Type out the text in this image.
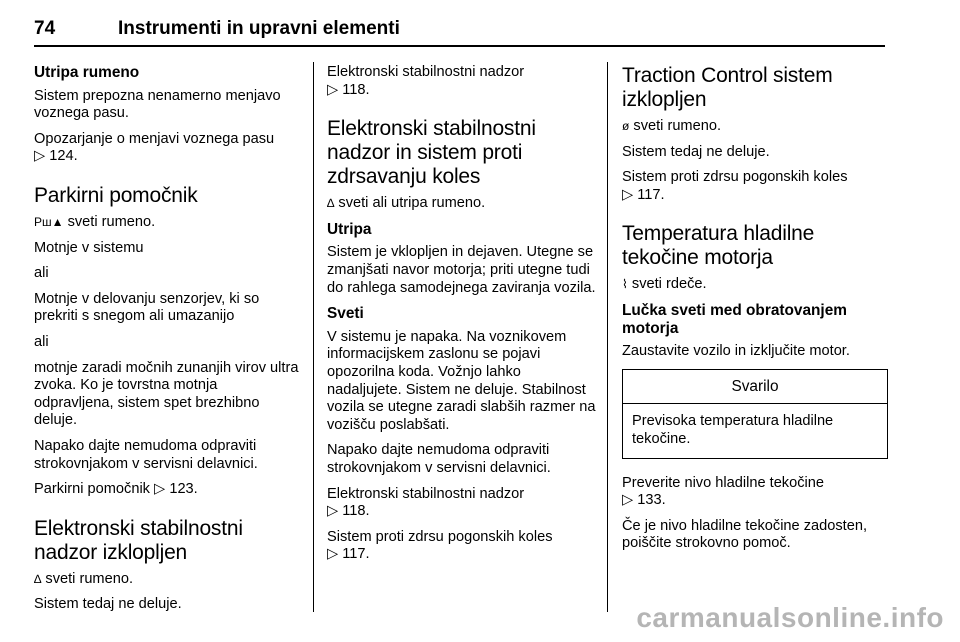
74	Instrumenti in upravni elementi
Utripa rumeno

Sistem prepozna nenamerno menjavo voznega pasu.

Opozarjanje o menjavi voznega pasu
▷ 124.

Parkirni pomočnik

Pш▲ sveti rumeno.

Motnje v sistemu

ali

Motnje v delovanju senzorjev, ki so prekriti s snegom ali umazanijo

ali

motnje zaradi močnih zunanjih virov ultra zvoka. Ko je tovrstna motnja odpravljena, sistem spet brezhibno deluje.

Napako dajte nemudoma odpraviti strokovnjakom v servisni delavnici.

Parkirni pomočnik ▷ 123.

Elektronski stabilnostni nadzor izklopljen

∆ sveti rumeno.

Sistem tedaj ne deluje.

Elektronski stabilnostni nadzor
▷ 118.

Elektronski stabilnostni nadzor in sistem proti zdrsavanju koles

∆ sveti ali utripa rumeno.

Utripa

Sistem je vklopljen in dejaven. Utegne se zmanjšati navor motorja; priti utegne tudi do rahlega samodejnega zaviranja vozila.

Sveti

V sistemu je napaka. Na voznikovem informacijskem zaslonu se pojavi opozorilna koda. Vožnjo lahko nadaljujete. Sistem ne deluje. Stabilnost vozila se utegne zaradi slabših razmer na vozišču poslabšati.

Napako dajte nemudoma odpraviti strokovnjakom v servisni delavnici.

Elektronski stabilnostni nadzor
▷ 118.

Sistem proti zdrsu pogonskih koles
▷ 117.

Traction Control sistem izklopljen

ø sveti rumeno.

Sistem tedaj ne deluje.

Sistem proti zdrsu pogonskih koles
▷ 117.

Temperatura hladilne tekočine motorja

⌇ sveti rdeče.

Lučka sveti med obratovanjem motorja

Zaustavite vozilo in izključite motor.

Svarilo
Previsoka temperatura hladilne tekočine.

Preverite nivo hladilne tekočine
▷ 133.

Če je nivo hladilne tekočine zadosten, poiščite strokovno pomoč.

carmanualsonline.info
